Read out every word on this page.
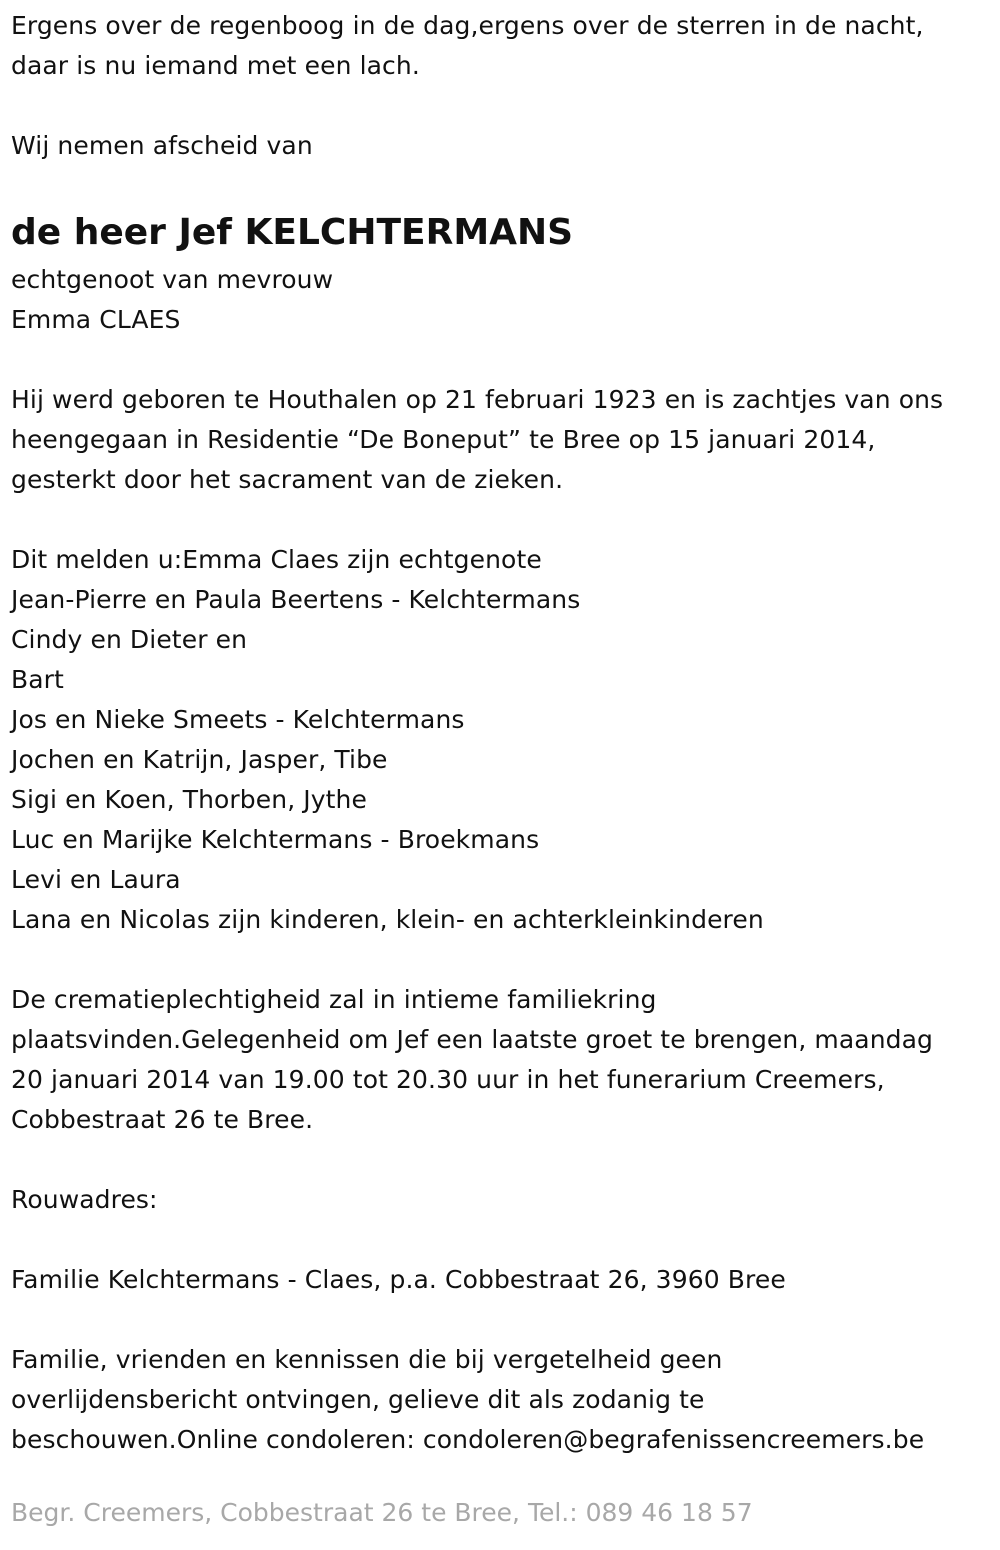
Ergens over de regenboog in de dag,ergens over de sterren in de nacht,
daar is nu iemand met een lach.
Wij nemen afscheid van
de heer Jef KELCHTERMANS
echtgenoot van mevrouw
Emma CLAES
Hij werd geboren te Houthalen op 21 februari 1923 en is zachtjes van ons
heengegaan in Residentie “De Boneput” te Bree op 15 januari 2014,
gesterkt door het sacrament van de zieken.
Dit melden u:Emma Claes zijn echtgenote
Jean-Pierre en Paula Beertens - Kelchtermans
Cindy en Dieter en
Bart
Jos en Nieke Smeets - Kelchtermans
Jochen en Katrijn, Jasper, Tibe
Sigi en Koen, Thorben, Jythe
Luc en Marijke Kelchtermans - Broekmans
Levi en Laura
Lana en Nicolas zijn kinderen, klein- en achterkleinkinderen
De crematieplechtigheid zal in intieme familiekring
plaatsvinden.Gelegenheid om Jef een laatste groet te brengen, maandag
20 januari 2014 van 19.00 tot 20.30 uur in het funerarium Creemers,
Cobbestraat 26 te Bree.
Rouwadres:
Familie Kelchtermans - Claes, p.a. Cobbestraat 26, 3960 Bree
Familie, vrienden en kennissen die bij vergetelheid geen
overlijdensbericht ontvingen, gelieve dit als zodanig te
beschouwen.Online condoleren: condoleren@begrafenissencreemers.be
Begr. Creemers, Cobbestraat 26 te Bree, Tel.: 089 46 18 57
